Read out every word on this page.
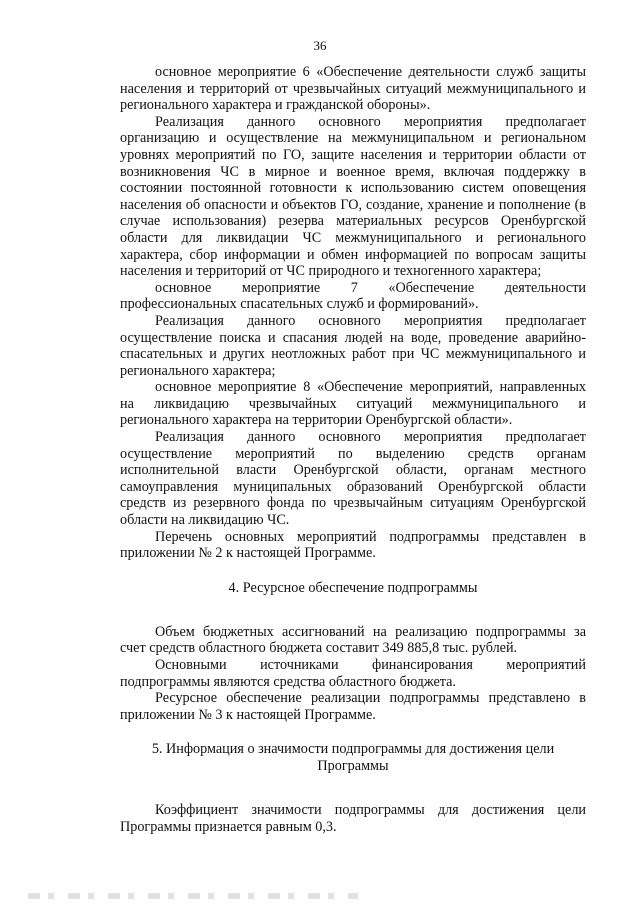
36

основное мероприятие 6 «Обеспечение деятельности служб защиты населения и территорий от чрезвычайных ситуаций межмуниципального и регионального характера и гражданской обороны».

Реализация данного основного мероприятия предполагает организацию и осуществление на межмуниципальном и региональном уровнях мероприятий по ГО, защите населения и территории области от возникновения ЧС в мирное и военное время, включая поддержку в состоянии постоянной готовности к использованию систем оповещения населения об опасности и объектов ГО, создание, хранение и пополнение (в случае использования) резерва материальных ресурсов Оренбургской области для ликвидации ЧС межмуниципального и регионального характера, сбор информации и обмен информацией по вопросам защиты населения и территорий от ЧС природного и техногенного характера;

основное мероприятие 7 «Обеспечение деятельности профессиональных спасательных служб и формирований».

Реализация данного основного мероприятия предполагает осуществление поиска и спасания людей на воде, проведение аварийно-спасательных и других неотложных работ при ЧС межмуниципального и регионального характера;

основное мероприятие 8 «Обеспечение мероприятий, направленных на ликвидацию чрезвычайных ситуаций межмуниципального и регионального характера на территории Оренбургской области».

Реализация данного основного мероприятия предполагает осуществление мероприятий по выделению средств органам исполнительной власти Оренбургской области, органам местного самоуправления муниципальных образований Оренбургской области средств из резервного фонда по чрезвычайным ситуациям Оренбургской области на ликвидацию ЧС.

Перечень основных мероприятий подпрограммы представлен в приложении № 2 к настоящей Программе.

4. Ресурсное обеспечение подпрограммы

Объем бюджетных ассигнований на реализацию подпрограммы за счет средств областного бюджета составит 349 885,8 тыс. рублей.

Основными источниками финансирования мероприятий подпрограммы являются средства областного бюджета.

Ресурсное обеспечение реализации подпрограммы представлено в приложении № 3 к настоящей Программе.

5. Информация о значимости подпрограммы для достижения цели

Программы

Коэффициент значимости подпрограммы для достижения цели Программы признается равным 0,3.
